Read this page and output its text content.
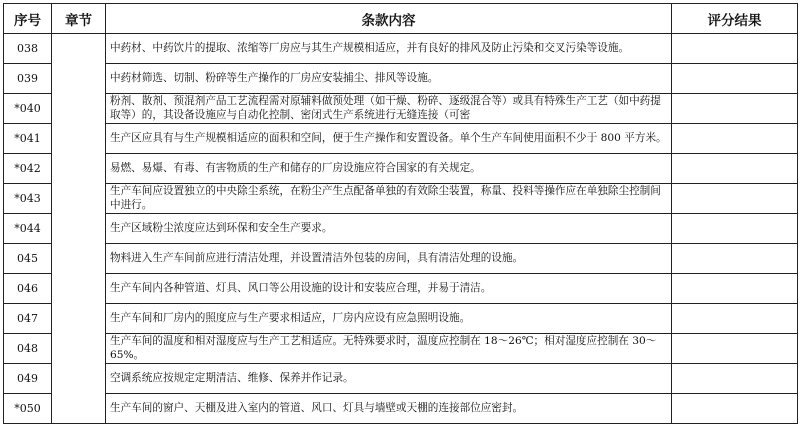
序号	章节	条款内容	评分结果
038		中药材、中药饮片的提取、浓缩等厂房应与其生产规模相适应，并有良好的排风及防止污染和交叉污染等设施。	
039		中药材筛选、切制、粉碎等生产操作的厂房应安装捕尘、排风等设施。	
*040		粉剂、散剂、预混剂产品工艺流程需对原辅料做预处理（如干燥、粉碎、逐级混合等）或具有特殊生产工艺（如中药提取等）的，其设备设施应与自动化控制、密闭式生产系统进行无缝连接（可密	
*041		生产区应具有与生产规模相适应的面积和空间，便于生产操作和安置设备。单个生产车间使用面积不少于 800 平方米。	
*042		易燃、易爆、有毒、有害物质的生产和储存的厂房设施应符合国家的有关规定。	
*043		生产车间应设置独立的中央除尘系统，在粉尘产生点配备单独的有效除尘装置，称量、投料等操作应在单独除尘控制间中进行。	
*044		生产区域粉尘浓度应达到环保和安全生产要求。	
045		物料进入生产车间前应进行清洁处理，并设置清洁外包装的房间，具有清洁处理的设施。	
046		生产车间内各种管道、灯具、风口等公用设施的设计和安装应合理，并易于清洁。	
047		生产车间和厂房内的照度应与生产要求相适应，厂房内应设有应急照明设施。	
048		生产车间的温度和相对湿度应与生产工艺相适应。无特殊要求时，温度应控制在 18～26℃；相对湿度应控制在 30～65%。	
049		空调系统应按规定定期清洁、维修、保养并作记录。	
*050		生产车间的窗户、天棚及进入室内的管道、风口、灯具与墙壁或天棚的连接部位应密封。	
